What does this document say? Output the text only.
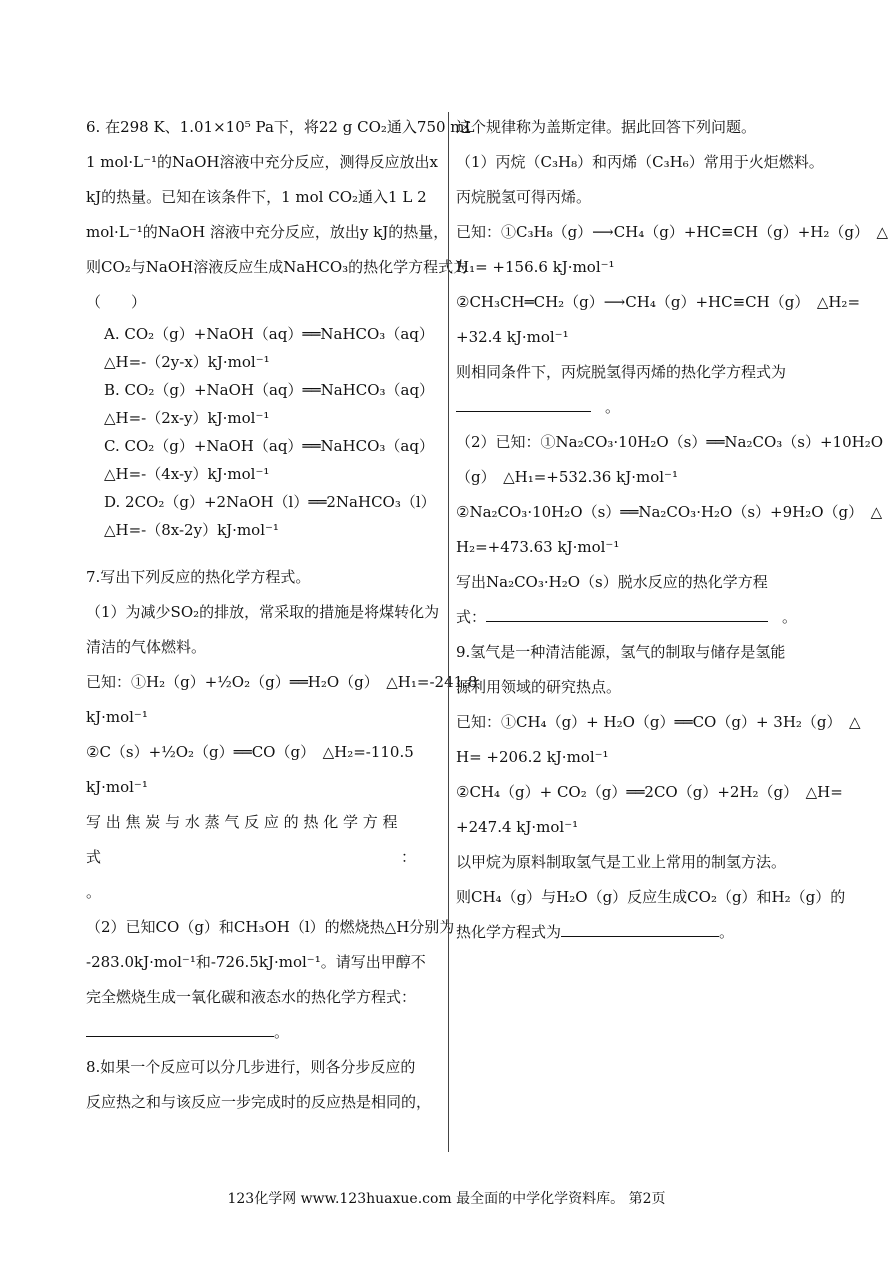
6. 在298 K、1.01×10⁵ Pa下，将22 g CO₂通入750 mL
1 mol·L⁻¹的NaOH溶液中充分反应，测得反应放出x
kJ的热量。已知在该条件下，1 mol CO₂通入1 L 2
mol·L⁻¹的NaOH 溶液中充分反应，放出y kJ的热量，
则CO₂与NaOH溶液反应生成NaHCO₃的热化学方程式为
（　　）
A. CO₂（g）+NaOH（aq）══NaHCO₃（aq）
△H=-（2y-x）kJ·mol⁻¹
B. CO₂（g）+NaOH（aq）══NaHCO₃（aq）
△H=-（2x-y）kJ·mol⁻¹
C. CO₂（g）+NaOH（aq）══NaHCO₃（aq）
△H=-（4x-y）kJ·mol⁻¹
D. 2CO₂（g）+2NaOH（l）══2NaHCO₃（l）
△H=-（8x-2y）kJ·mol⁻¹
7.写出下列反应的热化学方程式。
（1）为减少SO₂的排放，常采取的措施是将煤转化为
清洁的气体燃料。
已知：①H₂（g）+½O₂（g）══H₂O（g）　△H₁=-241.8
kJ·mol⁻¹
②C（s）+½O₂（g）══CO（g）　△H₂=-110.5
kJ·mol⁻¹
写 出 焦 炭 与 水 蒸 气 反 应 的 热 化 学 方 程
式　　　　　　　　　　　　　　　　　　　　：
。
（2）已知CO（g）和CH₃OH（l）的燃烧热△H分别为
-283.0kJ·mol⁻¹和-726.5kJ·mol⁻¹。请写出甲醇不
完全燃烧生成一氧化碳和液态水的热化学方程式：
。
8.如果一个反应可以分几步进行，则各分步反应的
反应热之和与该反应一步完成时的反应热是相同的，
这个规律称为盖斯定律。据此回答下列问题。
（1）丙烷（C₃H₈）和丙烯（C₃H₆）常用于火炬燃料。
丙烷脱氢可得丙烯。
已知：①C₃H₈（g）⟶CH₄（g）+HC≡CH（g）+H₂（g）　△
H₁= +156.6 kJ·mol⁻¹
②CH₃CH═CH₂（g）⟶CH₄（g）+HC≡CH（g）　△H₂=
+32.4 kJ·mol⁻¹
则相同条件下，丙烷脱氢得丙烯的热化学方程式为
。
（2）已知：①Na₂CO₃·10H₂O（s）══Na₂CO₃（s）+10H₂O
（g）　△H₁=+532.36 kJ·mol⁻¹
②Na₂CO₃·10H₂O（s）══Na₂CO₃·H₂O（s）+9H₂O（g）　△
H₂=+473.63 kJ·mol⁻¹
写出Na₂CO₃·H₂O（s）脱水反应的热化学方程
式：	。
9.氢气是一种清洁能源，氢气的制取与储存是氢能
源利用领域的研究热点。
已知：①CH₄（g）+ H₂O（g）══CO（g）+ 3H₂（g）　△
H= +206.2 kJ·mol⁻¹
②CH₄（g）+ CO₂（g）══2CO（g）+2H₂（g）　△H=
+247.4 kJ·mol⁻¹
以甲烷为原料制取氢气是工业上常用的制氢方法。
则CH₄（g）与H₂O（g）反应生成CO₂（g）和H₂（g）的
热化学方程式为	。
123化学网 www.123huaxue.com 最全面的中学化学资料库。 第2页
